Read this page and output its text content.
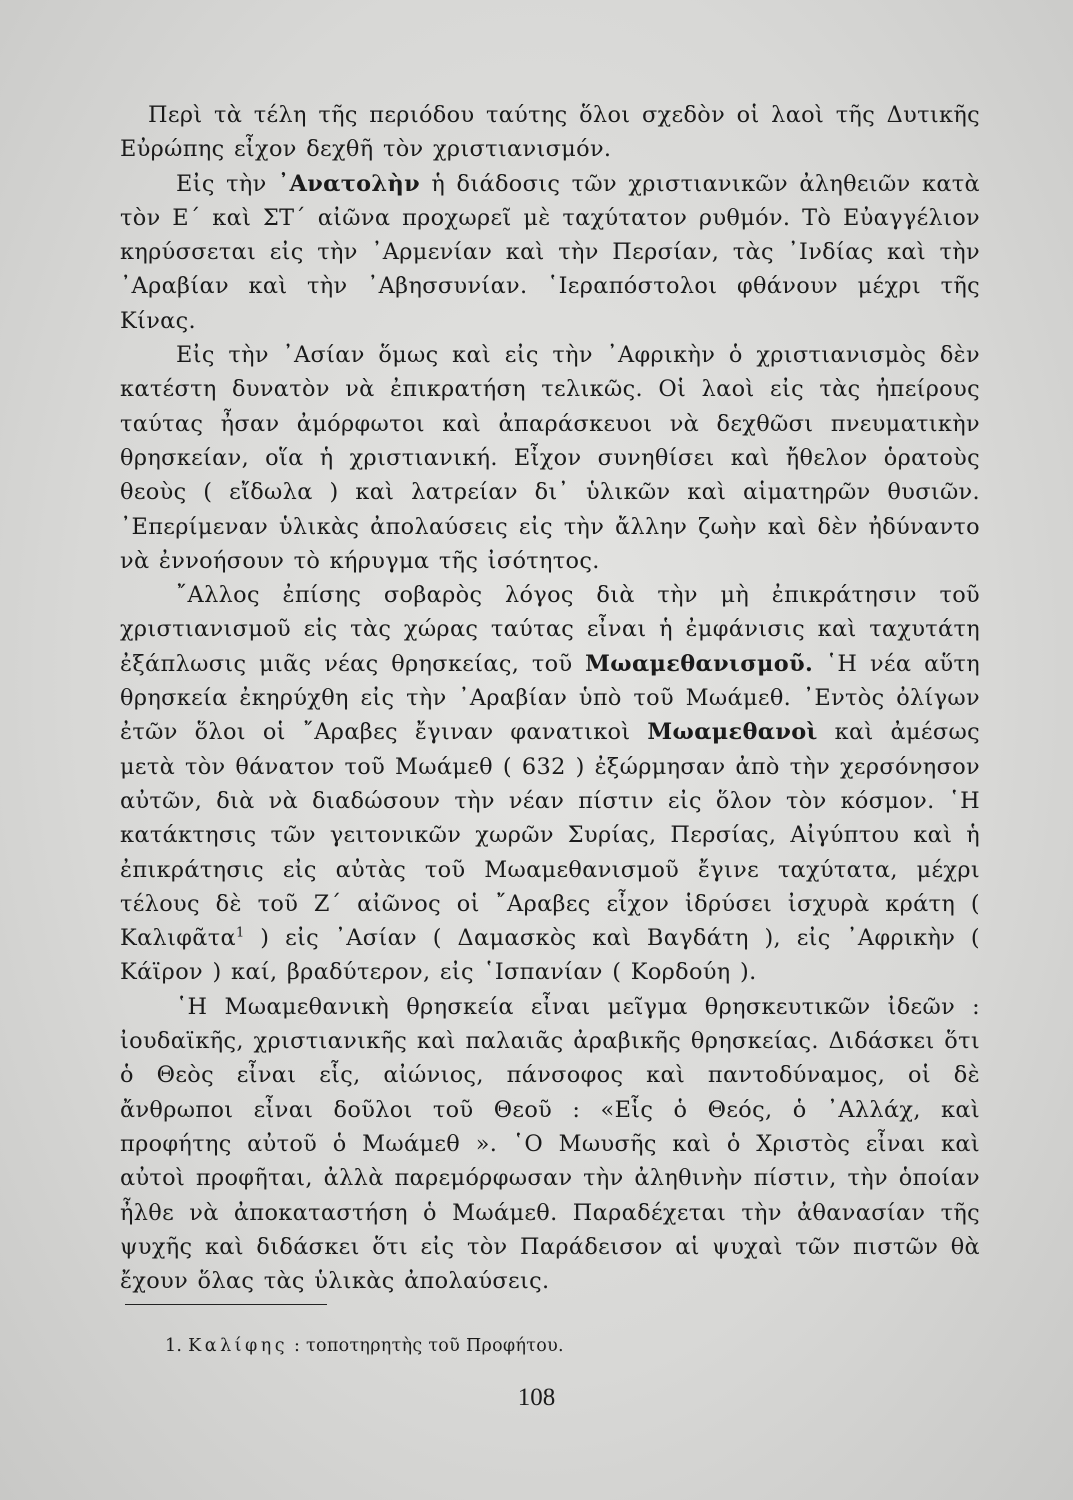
Περὶ τὰ τέλη τῆς περιόδου ταύτης ὅλοι σχεδὸν οἱ λαοὶ τῆς Δυτικῆς Εὐρώπης εἶχον δεχθῆ τὸν χριστιανισμόν.

Εἰς τὴν ᾿Ανατολὴν ἡ διάδοσις τῶν χριστιανικῶν ἀληθειῶν κατὰ τὸν Ε΄ καὶ ΣΤ΄ αἰῶνα προχωρεῖ μὲ ταχύτατον ρυθμόν. Τὸ Εὐαγγέλιον κηρύσσεται εἰς τὴν ᾿Αρμενίαν καὶ τὴν Περσίαν, τὰς ᾿Ινδίας καὶ τὴν ᾿Αραβίαν καὶ τὴν ᾿Αβησσυνίαν. ῾Ιεραπόστολοι φθάνουν μέχρι τῆς Κίνας.

Εἰς τὴν ᾿Ασίαν ὅμως καὶ εἰς τὴν ᾿Αφρικὴν ὁ χριστιανισμὸς δὲν κατέστη δυνατὸν νὰ ἐπικρατήση τελικῶς. Οἱ λαοὶ εἰς τὰς ἠπείρους ταύτας ἦσαν ἀμόρφωτοι καὶ ἀπαράσκευοι νὰ δεχθῶσι πνευματικὴν θρησκείαν, οἵα ἡ χριστιανική. Εἶχον συνηθίσει καὶ ἤθελον ὁρατοὺς θεοὺς ( εἴδωλα ) καὶ λατρείαν δι᾿ ὑλικῶν καὶ αἱματηρῶν θυσιῶν. ᾿Επερίμεναν ὑλικὰς ἀπολαύσεις εἰς τὴν ἄλλην ζωὴν καὶ δὲν ἠδύναντο νὰ ἐννοήσουν τὸ κήρυγμα τῆς ἰσότητος.

῎Αλλος ἐπίσης σοβαρὸς λόγος διὰ τὴν μὴ ἐπικράτησιν τοῦ χριστιανισμοῦ εἰς τὰς χώρας ταύτας εἶναι ἡ ἐμφάνισις καὶ ταχυτάτη ἐξάπλωσις μιᾶς νέας θρησκείας, τοῦ Μωαμεθανισμοῦ. ῾Η νέα αὕτη θρησκεία ἐκηρύχθη εἰς τὴν ᾿Αραβίαν ὑπὸ τοῦ Μωάμεθ. ᾿Εντὸς ὀλίγων ἐτῶν ὅλοι οἱ ῎Αραβες ἔγιναν φανατικοὶ Μωαμεθανοὶ καὶ ἀμέσως μετὰ τὸν θάνατον τοῦ Μωάμεθ ( 632 ) ἐξώρμησαν ἀπὸ τὴν χερσόνησον αὐτῶν, διὰ νὰ διαδώσουν τὴν νέαν πίστιν εἰς ὅλον τὸν κόσμον. ῾Η κατάκτησις τῶν γειτονικῶν χωρῶν Συρίας, Περσίας, Αἰγύπτου καὶ ἡ ἐπικράτησις εἰς αὐτὰς τοῦ Μωαμεθανισμοῦ ἔγινε ταχύτατα, μέχρι τέλους δὲ τοῦ Ζ΄ αἰῶνος οἱ ῎Αραβες εἶχον ἱδρύσει ἰσχυρὰ κράτη ( Καλιφᾶτα$^1$ ) εἰς ᾿Ασίαν ( Δαμασκὸς καὶ Βαγδάτη ), εἰς ᾿Αφρικὴν ( Κάϊρον ) καί, βραδύτερον, εἰς ῾Ισπανίαν ( Κορδούη ).

῾Η Μωαμεθανικὴ θρησκεία εἶναι μεῖγμα θρησκευτικῶν ἰδεῶν : ἰουδαϊκῆς, χριστιανικῆς καὶ παλαιᾶς ἀραβικῆς θρησκείας. Διδάσκει ὅτι ὁ Θεὸς εἶναι εἷς, αἰώνιος, πάνσοφος καὶ παντοδύναμος, οἱ δὲ ἄνθρωποι εἶναι δοῦλοι τοῦ Θεοῦ : «Εἷς ὁ Θεός, ὁ ᾿Αλλάχ, καὶ προφήτης αὐτοῦ ὁ Μωάμεθ ». ῾Ο Μωυσῆς καὶ ὁ Χριστὸς εἶναι καὶ αὐτοὶ προφῆται, ἀλλὰ παρεμόρφωσαν τὴν ἀληθινὴν πίστιν, τὴν ὁποίαν ἦλθε νὰ ἀποκαταστήση ὁ Μωάμεθ. Παραδέχεται τὴν ἀθανασίαν τῆς ψυχῆς καὶ διδάσκει ὅτι εἰς τὸν Παράδεισον αἱ ψυχαὶ τῶν πιστῶν θὰ ἔχουν ὅλας τὰς ὑλικὰς ἀπολαύσεις.

1. Καλίφης : τοποτηρητὴς τοῦ Προφήτου.
108
